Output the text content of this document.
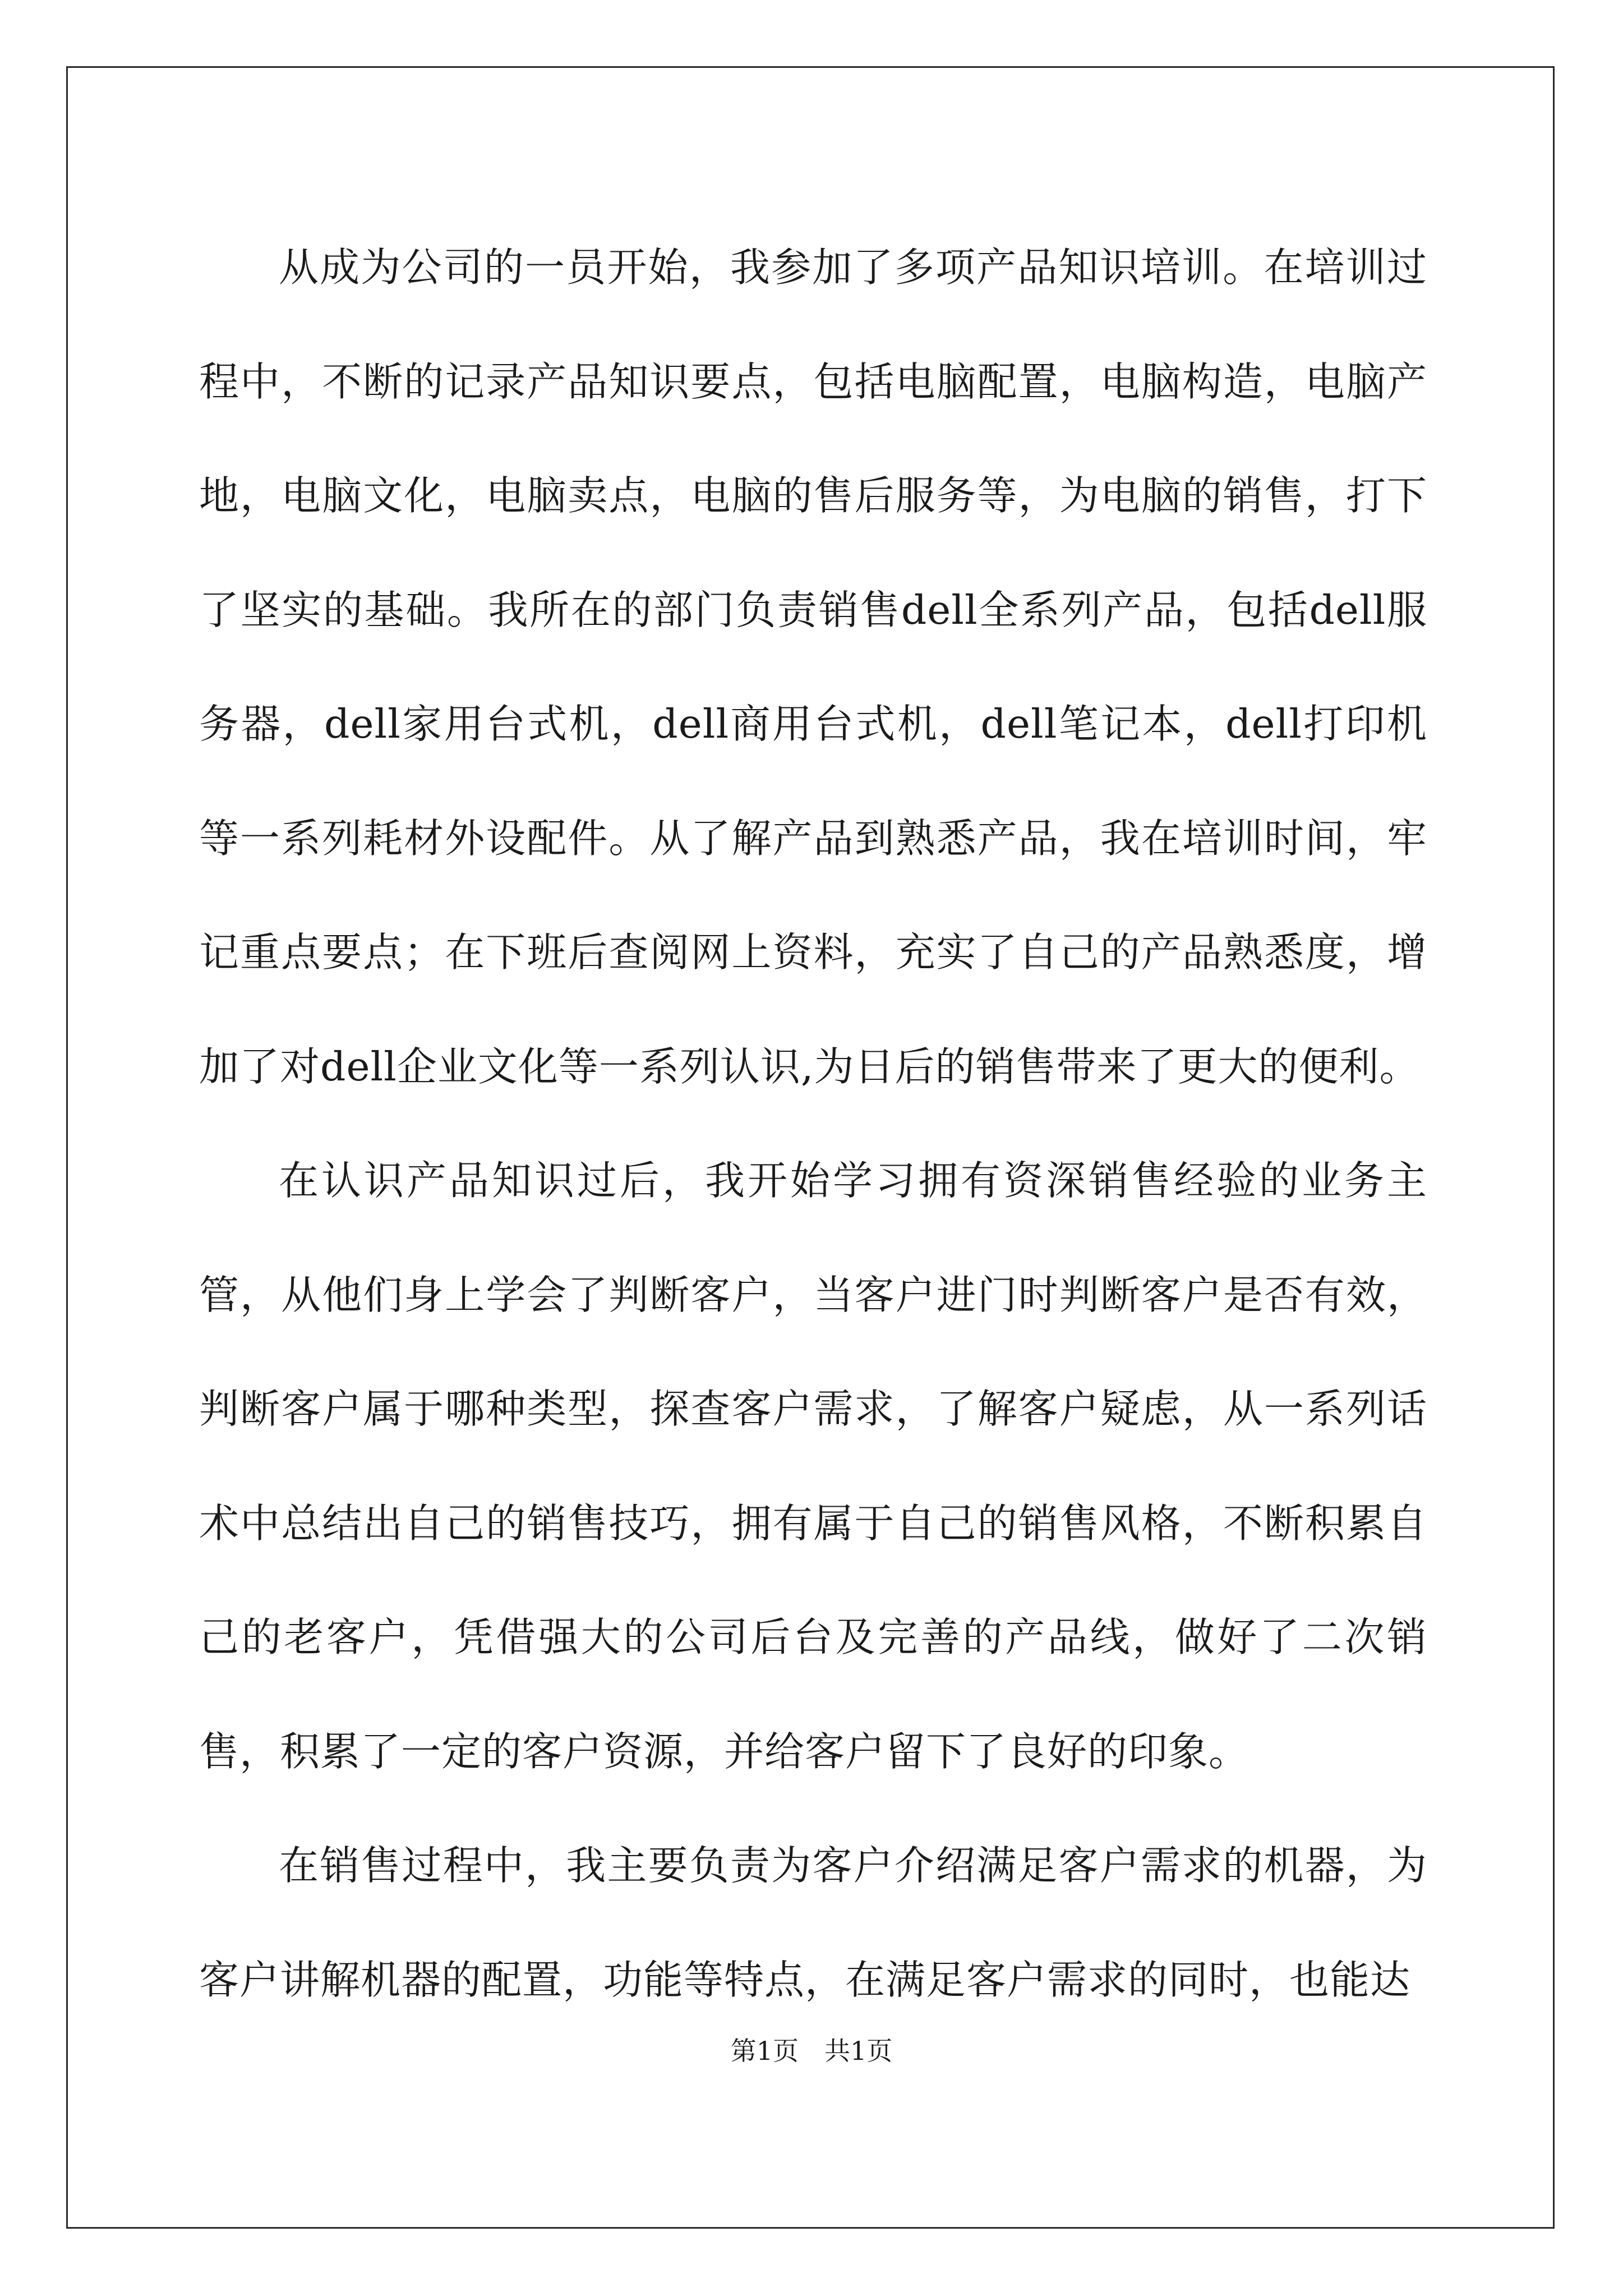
从成为公司的一员开始，我参加了多项产品知识培训。在培训过程中，不断的记录产品知识要点，包括电脑配置，电脑构造，电脑产地，电脑文化，电脑卖点，电脑的售后服务等，为电脑的销售，打下了坚实的基础。我所在的部门负责销售dell全系列产品，包括dell服务器，dell家用台式机，dell商用台式机，dell笔记本，dell打印机等一系列耗材外设配件。从了解产品到熟悉产品，我在培训时间，牢记重点要点；在下班后查阅网上资料，充实了自己的产品熟悉度，增加了对dell企业文化等一系列认识,为日后的销售带来了更大的便利。

在认识产品知识过后，我开始学习拥有资深销售经验的业务主管，从他们身上学会了判断客户，当客户进门时判断客户是否有效，判断客户属于哪种类型，探查客户需求，了解客户疑虑，从一系列话术中总结出自己的销售技巧，拥有属于自己的销售风格，不断积累自己的老客户，凭借强大的公司后台及完善的产品线，做好了二次销售，积累了一定的客户资源，并给客户留下了良好的印象。

在销售过程中，我主要负责为客户介绍满足客户需求的机器，为客户讲解机器的配置，功能等特点，在满足客户需求的同时，也能达

第1页 共1页
